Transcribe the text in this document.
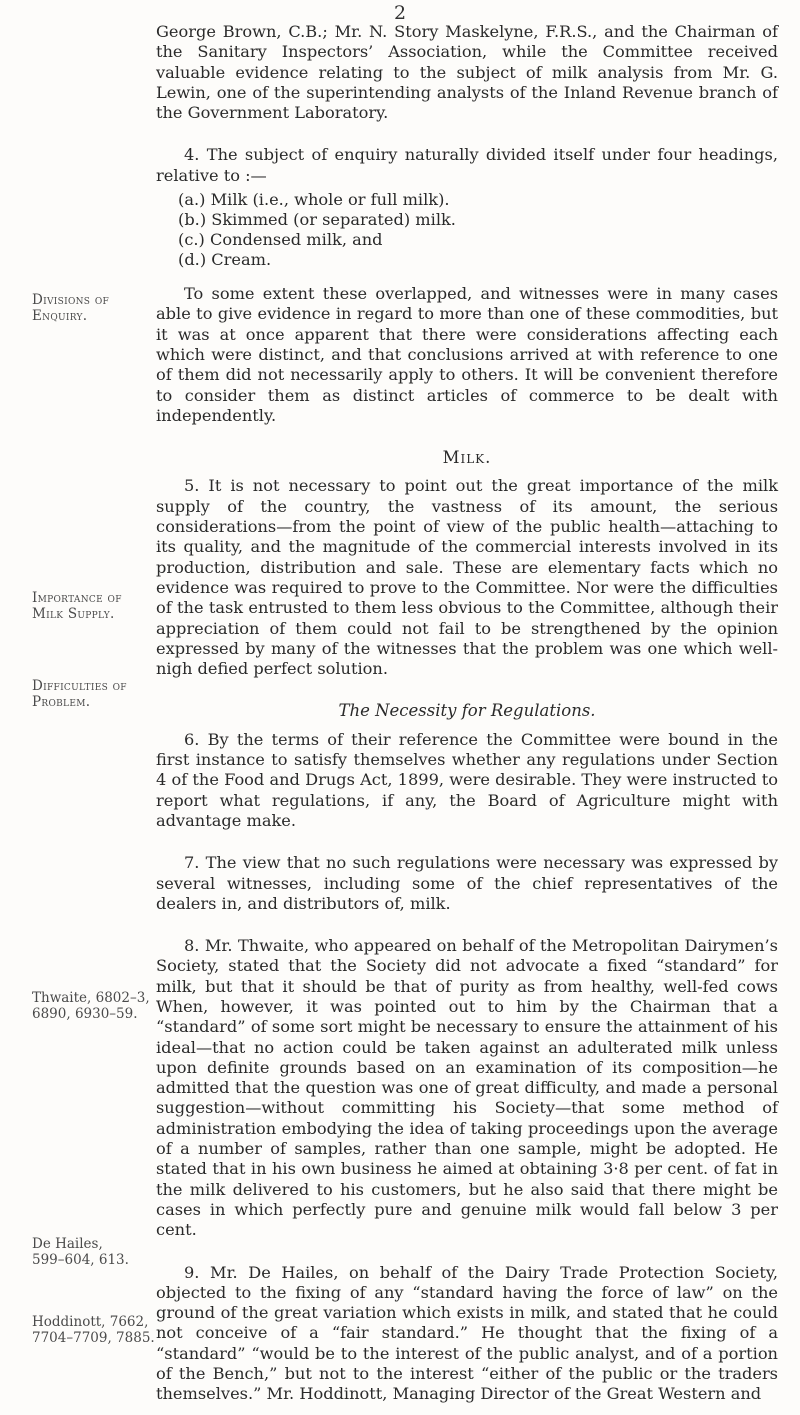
2
Divisions of
Enquiry.
Importance of
Milk Supply.
Difficulties of
Problem.
Thwaite, 6802–3,
6890, 6930–59.
De Hailes,
599–604, 613.
Hoddinott, 7662,
7704–7709, 7885.

George Brown, C.B.; Mr. N. Story Maskelyne, F.R.S., and the Chairman of the Sanitary Inspectors’ Association, while the Committee received valuable evidence relating to the subject of milk analysis from Mr. G. Lewin, one of the superintending analysts of the Inland Revenue branch of the Government Laboratory.

4. The subject of enquiry naturally divided itself under four headings, relative to :—

(a.) Milk (i.e., whole or full milk).
(b.) Skimmed (or separated) milk.
(c.) Condensed milk, and
(d.) Cream.

To some extent these overlapped, and witnesses were in many cases able to give evidence in regard to more than one of these commodities, but it was at once apparent that there were considerations affecting each which were distinct, and that conclusions arrived at with reference to one of them did not necessarily apply to others. It will be convenient therefore to consider them as distinct articles of commerce to be dealt with independently.

Milk.

5. It is not necessary to point out the great importance of the milk supply of the country, the vastness of its amount, the serious considerations—from the point of view of the public health—attaching to its quality, and the magnitude of the commercial interests involved in its production, distribution and sale. These are elementary facts which no evidence was required to prove to the Committee. Nor were the difficulties of the task entrusted to them less obvious to the Committee, although their appreciation of them could not fail to be strengthened by the opinion expressed by many of the witnesses that the problem was one which well-nigh defied perfect solution.

The Necessity for Regulations.

6. By the terms of their reference the Committee were bound in the first instance to satisfy themselves whether any regulations under Section 4 of the Food and Drugs Act, 1899, were desirable. They were instructed to report what regulations, if any, the Board of Agriculture might with advantage make.

7. The view that no such regulations were necessary was expressed by several witnesses, including some of the chief representatives of the dealers in, and distributors of, milk.

8. Mr. Thwaite, who appeared on behalf of the Metropolitan Dairymen’s Society, stated that the Society did not advocate a fixed “standard” for milk, but that it should be that of purity as from healthy, well-fed cows When, however, it was pointed out to him by the Chairman that a “standard” of some sort might be necessary to ensure the attainment of his ideal—that no action could be taken against an adulterated milk unless upon definite grounds based on an examination of its composition—he admitted that the question was one of great difficulty, and made a personal suggestion—without committing his Society—that some method of administration embodying the idea of taking proceedings upon the average of a number of samples, rather than one sample, might be adopted. He stated that in his own business he aimed at obtaining 3·8 per cent. of fat in the milk delivered to his customers, but he also said that there might be cases in which perfectly pure and genuine milk would fall below 3 per cent.

9. Mr. De Hailes, on behalf of the Dairy Trade Protection Society, objected to the fixing of any “standard having the force of law” on the ground of the great variation which exists in milk, and stated that he could not conceive of a “fair standard.” He thought that the fixing of a “standard” “would be to the interest of the public analyst, and of a portion of the Bench,” but not to the interest “either of the public or the traders themselves.” Mr. Hoddinott, Managing Director of the Great Western and
